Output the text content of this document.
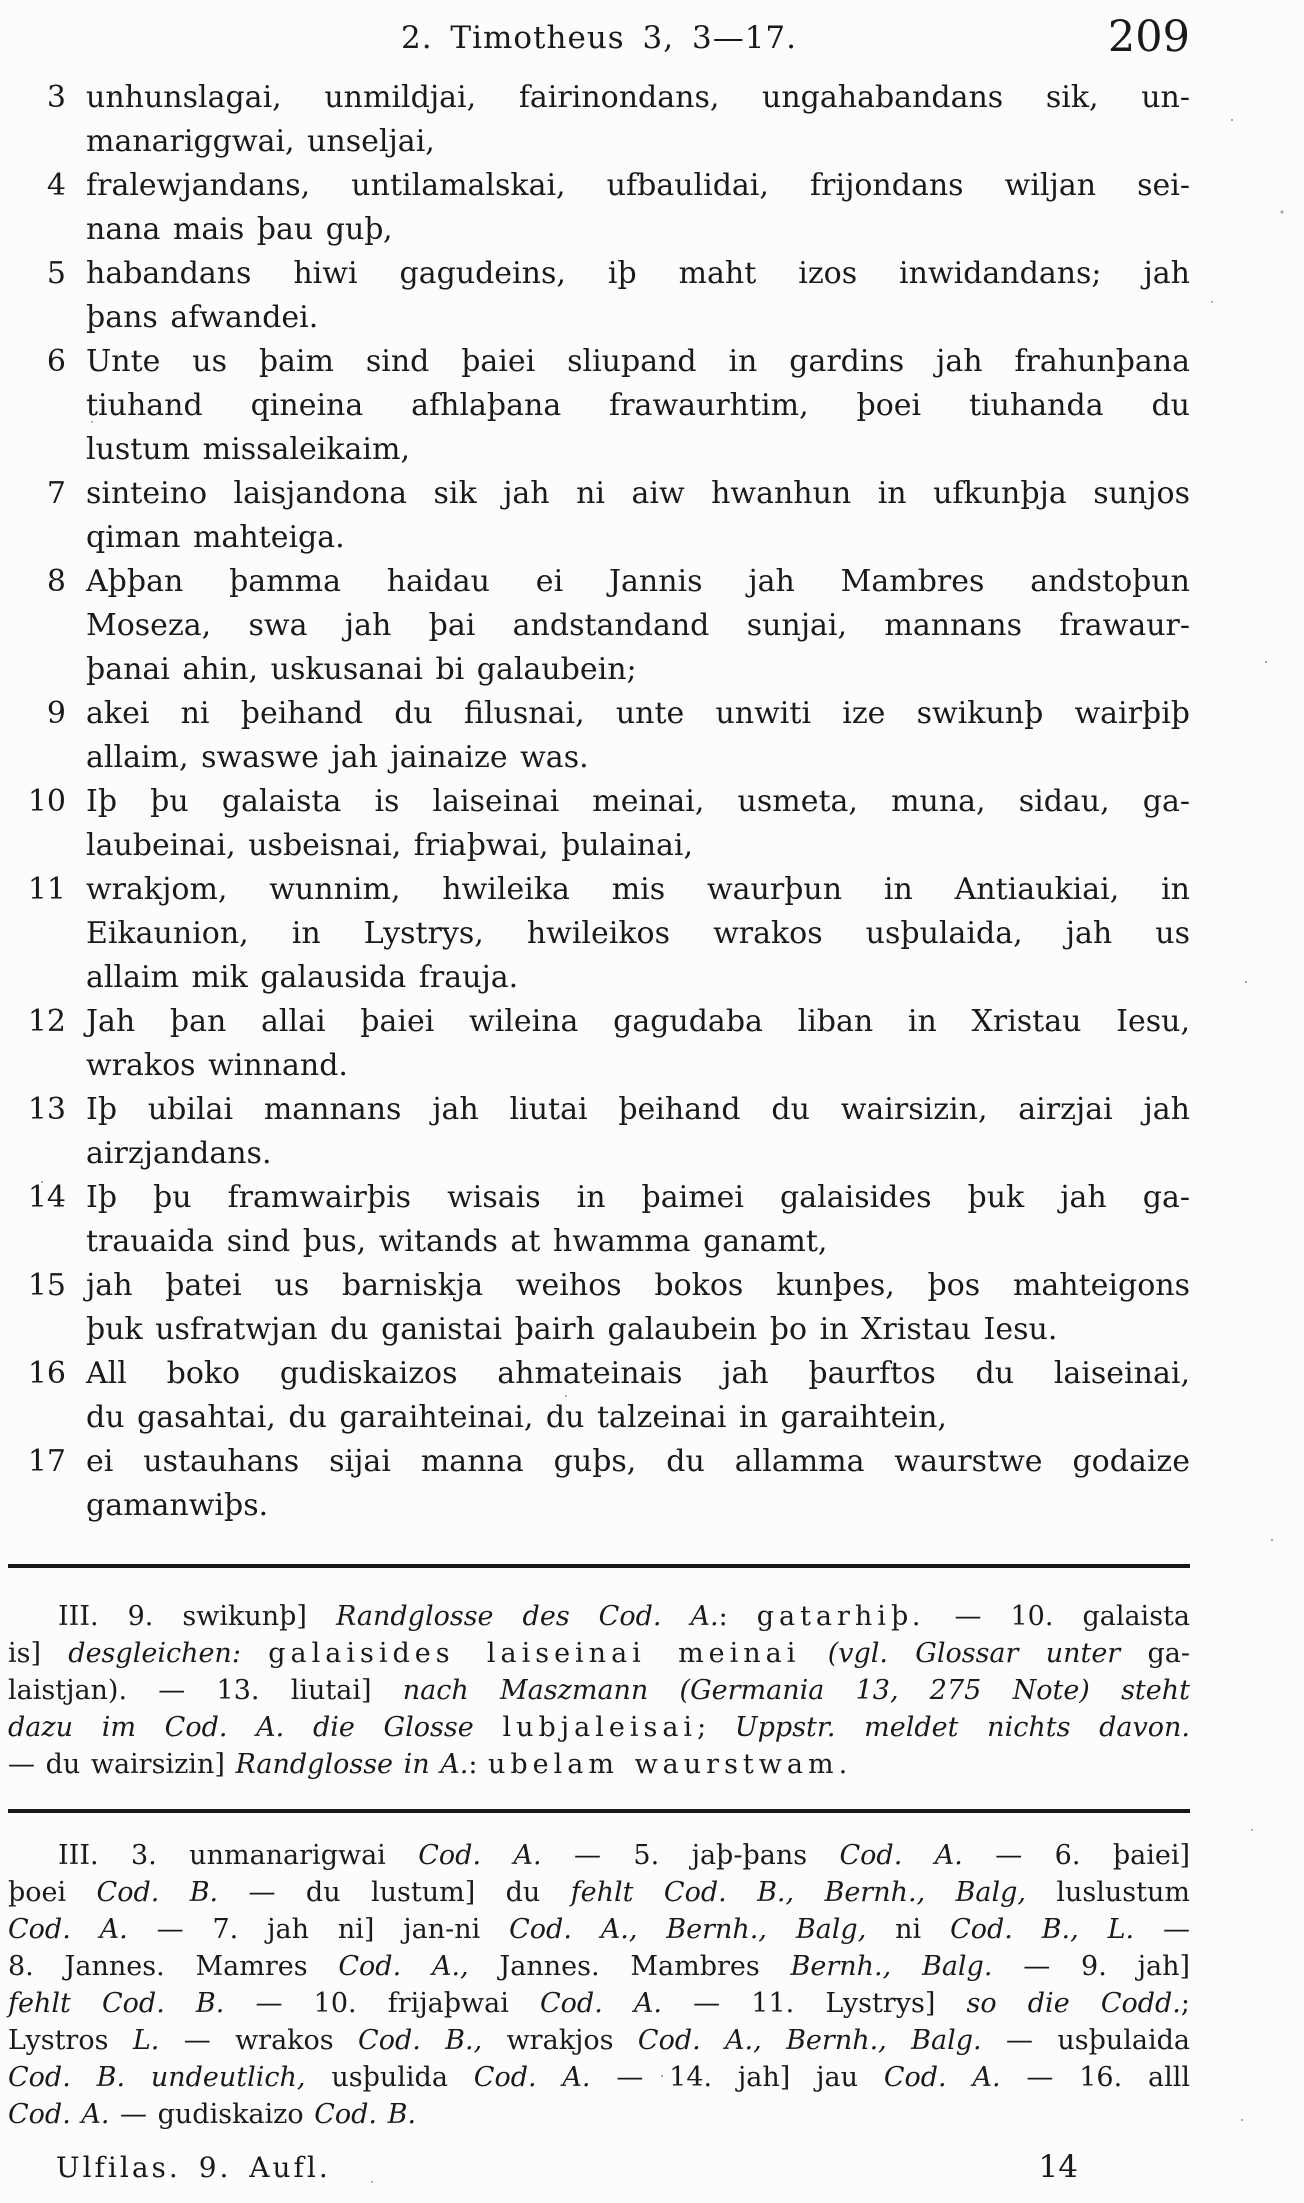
2. Timotheus 3, 3—17.	209
3 unhunslagai, unmildjai, fairinondans, ungahabandans sik, un-
manariggwai, unseljai,
4 fralewjandans, untilamalskai, ufbaulidai, frijondans wiljan sei-
nana mais þau guþ,
5 habandans hiwi gagudeins, iþ maht izos inwidandans; jah
þans afwandei.
6 Unte us þaim sind þaiei sliupand in gardins jah frahunþana
tiuhand qineina afhlaþana frawaurhtim, þoei tiuhanda du
lustum missaleikaim,
7 sinteino laisjandona sik jah ni aiw hwanhun in ufkunþja sunjos
qiman mahteiga.
8 Aþþan þamma haidau ei Jannis jah Mambres andstoþun
Moseza, swa jah þai andstandand sunjai, mannans frawaur-
þanai ahin, uskusanai bi galaubein;
9 akei ni þeihand du filusnai, unte unwiti ize swikunþ wairþiþ
allaim, swaswe jah jainaize was.
10 Iþ þu galaista is laiseinai meinai, usmeta, muna, sidau, ga-
laubeinai, usbeisnai, friaþwai, þulainai,
11 wrakjom, wunnim, hwileika mis waurþun in Antiaukiai, in
Eikaunion, in Lystrys, hwileikos wrakos usþulaida, jah us
allaim mik galausida frauja.
12 Jah þan allai þaiei wileina gagudaba liban in Xristau Iesu,
wrakos winnand.
13 Iþ ubilai mannans jah liutai þeihand du wairsizin, airzjai jah
airzjandans.
14 Iþ þu framwairþis wisais in þaimei galaisides þuk jah ga-
trauaida sind þus, witands at hwamma ganamt,
15 jah þatei us barniskja weihos bokos kunþes, þos mahteigons
þuk usfratwjan du ganistai þairh galaubein þo in Xristau Iesu.
16 All boko gudiskaizos ahmateinais jah þaurftos du laiseinai,
du gasahtai, du garaihteinai, du talzeinai in garaihtein,
17 ei ustauhans sijai manna guþs, du allamma waurstwe godaize
gamanwiþs.
III. 9. swikunþ] Randglosse des Cod. A.: gatarhiþ. — 10. galaista
is] desgleichen: galaisides laiseinai meinai (vgl. Glossar unter ga-
laistjan). — 13. liutai] nach Maszmann (Germania 13, 275 Note) steht
dazu im Cod. A. die Glosse lubjaleisai; Uppstr. meldet nichts davon.
— du wairsizin] Randglosse in A.: ubelam waurstwam.
III. 3. unmanarigwai Cod. A. — 5. jaþ-þans Cod. A. — 6. þaiei]
þoei Cod. B. — du lustum] du fehlt Cod. B., Bernh., Balg, luslustum
Cod. A. — 7. jah ni] jan-ni Cod. A., Bernh., Balg, ni Cod. B., L. —
8. Jannes. Mamres Cod. A., Jannes. Mambres Bernh., Balg. — 9. jah]
fehlt Cod. B. — 10. frijaþwai Cod. A. — 11. Lystrys] so die Codd.;
Lystros L. — wrakos Cod. B., wrakjos Cod. A., Bernh., Balg. — usþulaida
Cod. B. undeutlich, usþulida Cod. A. — 14. jah] jau Cod. A. — 16. alll
Cod. A. — gudiskaizo Cod. B.
Ulfilas. 9. Aufl.	14
